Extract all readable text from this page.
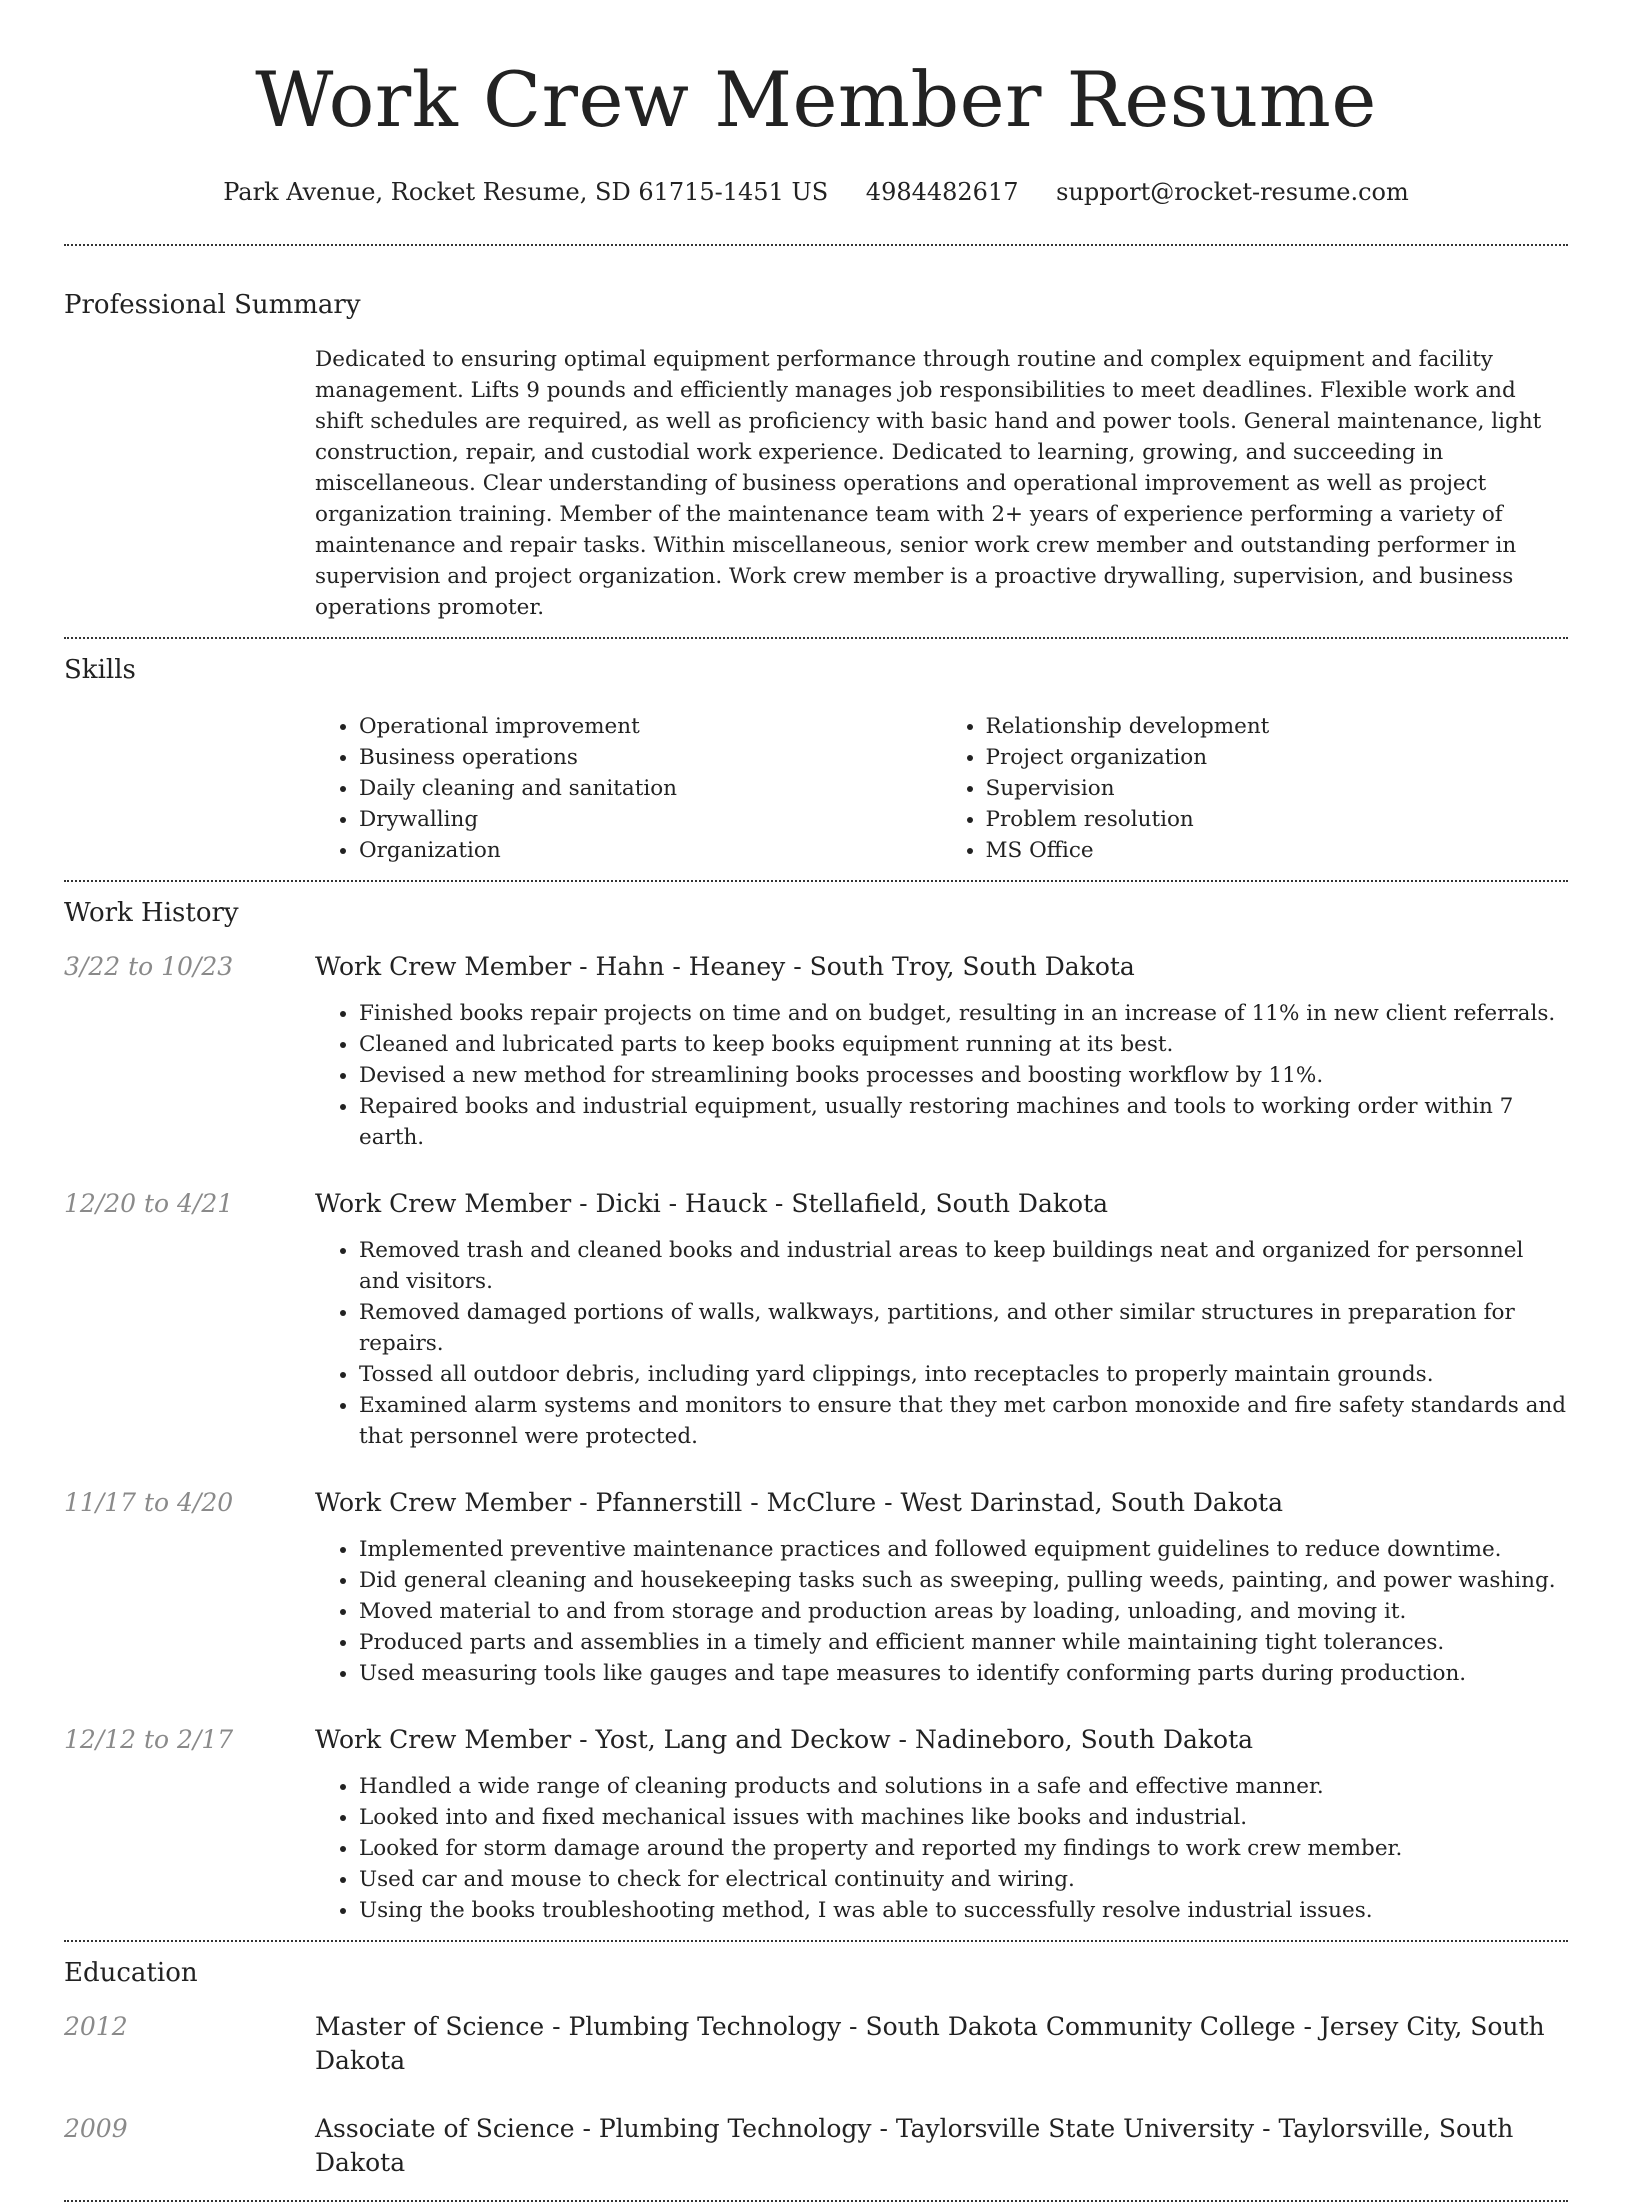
Work Crew Member Resume
Park Avenue, Rocket Resume, SD 61715-1451 US 4984482617 support@rocket-resume.com
Professional Summary
Dedicated to ensuring optimal equipment performance through routine and complex equipment and facility management. Lifts 9 pounds and efficiently manages job responsibilities to meet deadlines. Flexible work and shift schedules are required, as well as proficiency with basic hand and power tools. General maintenance, light construction, repair, and custodial work experience. Dedicated to learning, growing, and succeeding in miscellaneous. Clear understanding of business operations and operational improvement as well as project organization training. Member of the maintenance team with 2+ years of experience performing a variety of maintenance and repair tasks. Within miscellaneous, senior work crew member and outstanding performer in supervision and project organization. Work crew member is a proactive drywalling, supervision, and business operations promoter.
Skills
• Operational improvement
• Business operations
• Daily cleaning and sanitation
• Drywalling
• Organization
• Relationship development
• Project organization
• Supervision
• Problem resolution
• MS Office
Work History
3/22 to 10/23	Work Crew Member - Hahn - Heaney - South Troy, South Dakota
• Finished books repair projects on time and on budget, resulting in an increase of 11% in new client referrals.
• Cleaned and lubricated parts to keep books equipment running at its best.
• Devised a new method for streamlining books processes and boosting workflow by 11%.
• Repaired books and industrial equipment, usually restoring machines and tools to working order within 7 earth.
12/20 to 4/21	Work Crew Member - Dicki - Hauck - Stellafield, South Dakota
• Removed trash and cleaned books and industrial areas to keep buildings neat and organized for personnel and visitors.
• Removed damaged portions of walls, walkways, partitions, and other similar structures in preparation for repairs.
• Tossed all outdoor debris, including yard clippings, into receptacles to properly maintain grounds.
• Examined alarm systems and monitors to ensure that they met carbon monoxide and fire safety standards and that personnel were protected.
11/17 to 4/20	Work Crew Member - Pfannerstill - McClure - West Darinstad, South Dakota
• Implemented preventive maintenance practices and followed equipment guidelines to reduce downtime.
• Did general cleaning and housekeeping tasks such as sweeping, pulling weeds, painting, and power washing.
• Moved material to and from storage and production areas by loading, unloading, and moving it.
• Produced parts and assemblies in a timely and efficient manner while maintaining tight tolerances.
• Used measuring tools like gauges and tape measures to identify conforming parts during production.
12/12 to 2/17	Work Crew Member - Yost, Lang and Deckow - Nadineboro, South Dakota
• Handled a wide range of cleaning products and solutions in a safe and effective manner.
• Looked into and fixed mechanical issues with machines like books and industrial.
• Looked for storm damage around the property and reported my findings to work crew member.
• Used car and mouse to check for electrical continuity and wiring.
• Using the books troubleshooting method, I was able to successfully resolve industrial issues.
Education
2012	Master of Science - Plumbing Technology - South Dakota Community College - Jersey City, South Dakota
2009	Associate of Science - Plumbing Technology - Taylorsville State University - Taylorsville, South Dakota
